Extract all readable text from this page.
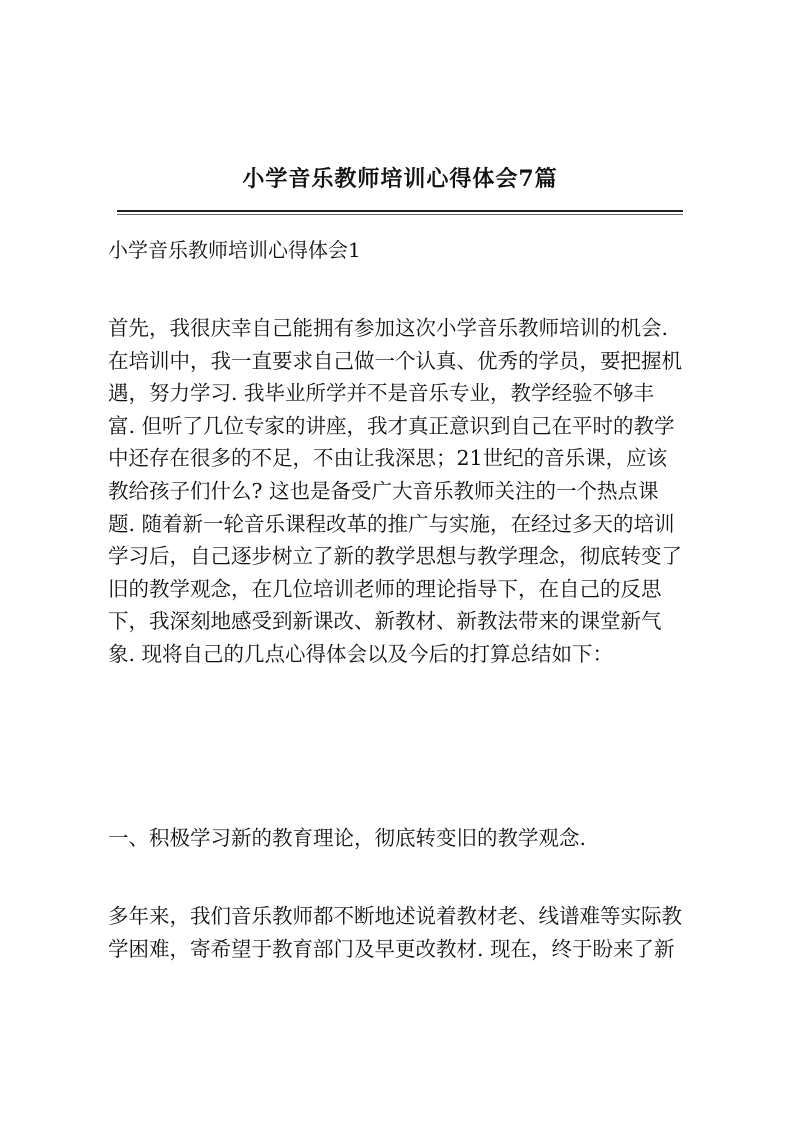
小学音乐教师培训心得体会7篇
小学音乐教师培训心得体会1
首先，我很庆幸自己能拥有参加这次小学音乐教师培训的机会.
在培训中，我一直要求自己做一个认真、优秀的学员，要把握机
遇，努力学习. 我毕业所学并不是音乐专业，教学经验不够丰
富. 但听了几位专家的讲座，我才真正意识到自己在平时的教学
中还存在很多的不足，不由让我深思；21世纪的音乐课，应该
教给孩子们什么? 这也是备受广大音乐教师关注的一个热点课
题. 随着新一轮音乐课程改革的推广与实施，在经过多天的培训
学习后，自己逐步树立了新的教学思想与教学理念，彻底转变了
旧的教学观念，在几位培训老师的理论指导下，在自己的反思
下，我深刻地感受到新课改、新教材、新教法带来的课堂新气
象. 现将自己的几点心得体会以及今后的打算总结如下：
一、积极学习新的教育理论，彻底转变旧的教学观念.
多年来，我们音乐教师都不断地述说着教材老、线谱难等实际教
学困难，寄希望于教育部门及早更改教材. 现在，终于盼来了新
